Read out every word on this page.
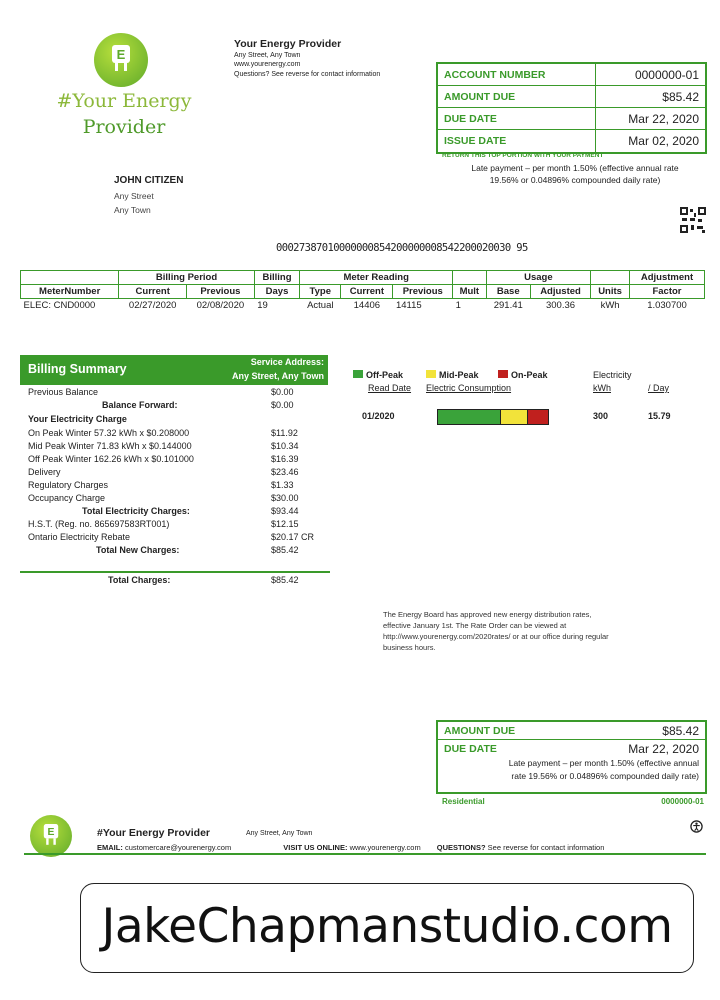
E
#Your Energy
Provider
Your Energy Provider
Any Street, Any Town
www.yourenergy.com
Questions? See reverse for contact information	ACCOUNT NUMBER	0000000-01
AMOUNT DUE	$85.42
DUE DATE	Mar 22, 2020
ISSUE DATE	Mar 02, 2020
RETURN THIS TOP PORTION WITH YOUR PAYMENT
Late payment – per month 1.50% (effective annual rate
19.56% or 0.04896% compounded daily rate)
JOHN CITIZEN
Any Street
Any Town
00027387010000000854200000008542200020030 95
	Billing Period		Billing	Meter Reading				Usage			Adjustment
MeterNumber	Current	Previous	Days	Type	Current	Previous	Mult	Base	Adjusted	Units	Factor
ELEC: CND0000	02/27/2020	02/08/2020	19	Actual	14406	14115	1	291.41	300.36	kWh	1.030700
Billing Summary	Service Address:
Any Street, Any Town
Previous Balance	$0.00
Balance Forward:	$0.00
Your Electricity Charge
On Peak Winter 57.32 kWh x $0.208000	$11.92
Mid Peak Winter 71.83 kWh x $0.144000	$10.34
Off Peak Winter 162.26 kWh x $0.101000	$16.39
Delivery	$23.46
Regulatory Charges	$1.33
Occupancy Charge	$30.00
Total Electricity Charges:	$93.44
H.S.T. (Reg. no. 865697583RT001)	$12.15
Ontario Electricity Rebate	$20.17 CR
Total New Charges:	$85.42
Total Charges:	$85.42
Off-Peak	Mid-Peak	On-Peak	Electricity
Read Date Electric Consumption	kWh	/ Day
01/2020	300	15.79
The Energy Board has approved new energy distribution rates,
effective January 1st. The Rate Order can be viewed at
http://www.yourenergy.com/2020rates/ or at our office during regular
business hours.
AMOUNT DUE	$85.42
DUE DATE	Mar 22, 2020
Late payment – per month 1.50% (effective annual
rate 19.56% or 0.04896% compounded daily rate)
Residential	0000000-01
E	#Your Energy Provider	Any Street, Any Town
EMAIL: customercare@yourenergy.com	VISIT US ONLINE: www.yourenergy.com QUESTIONS? See reverse for contact information
JakeChapmanstudio.com
